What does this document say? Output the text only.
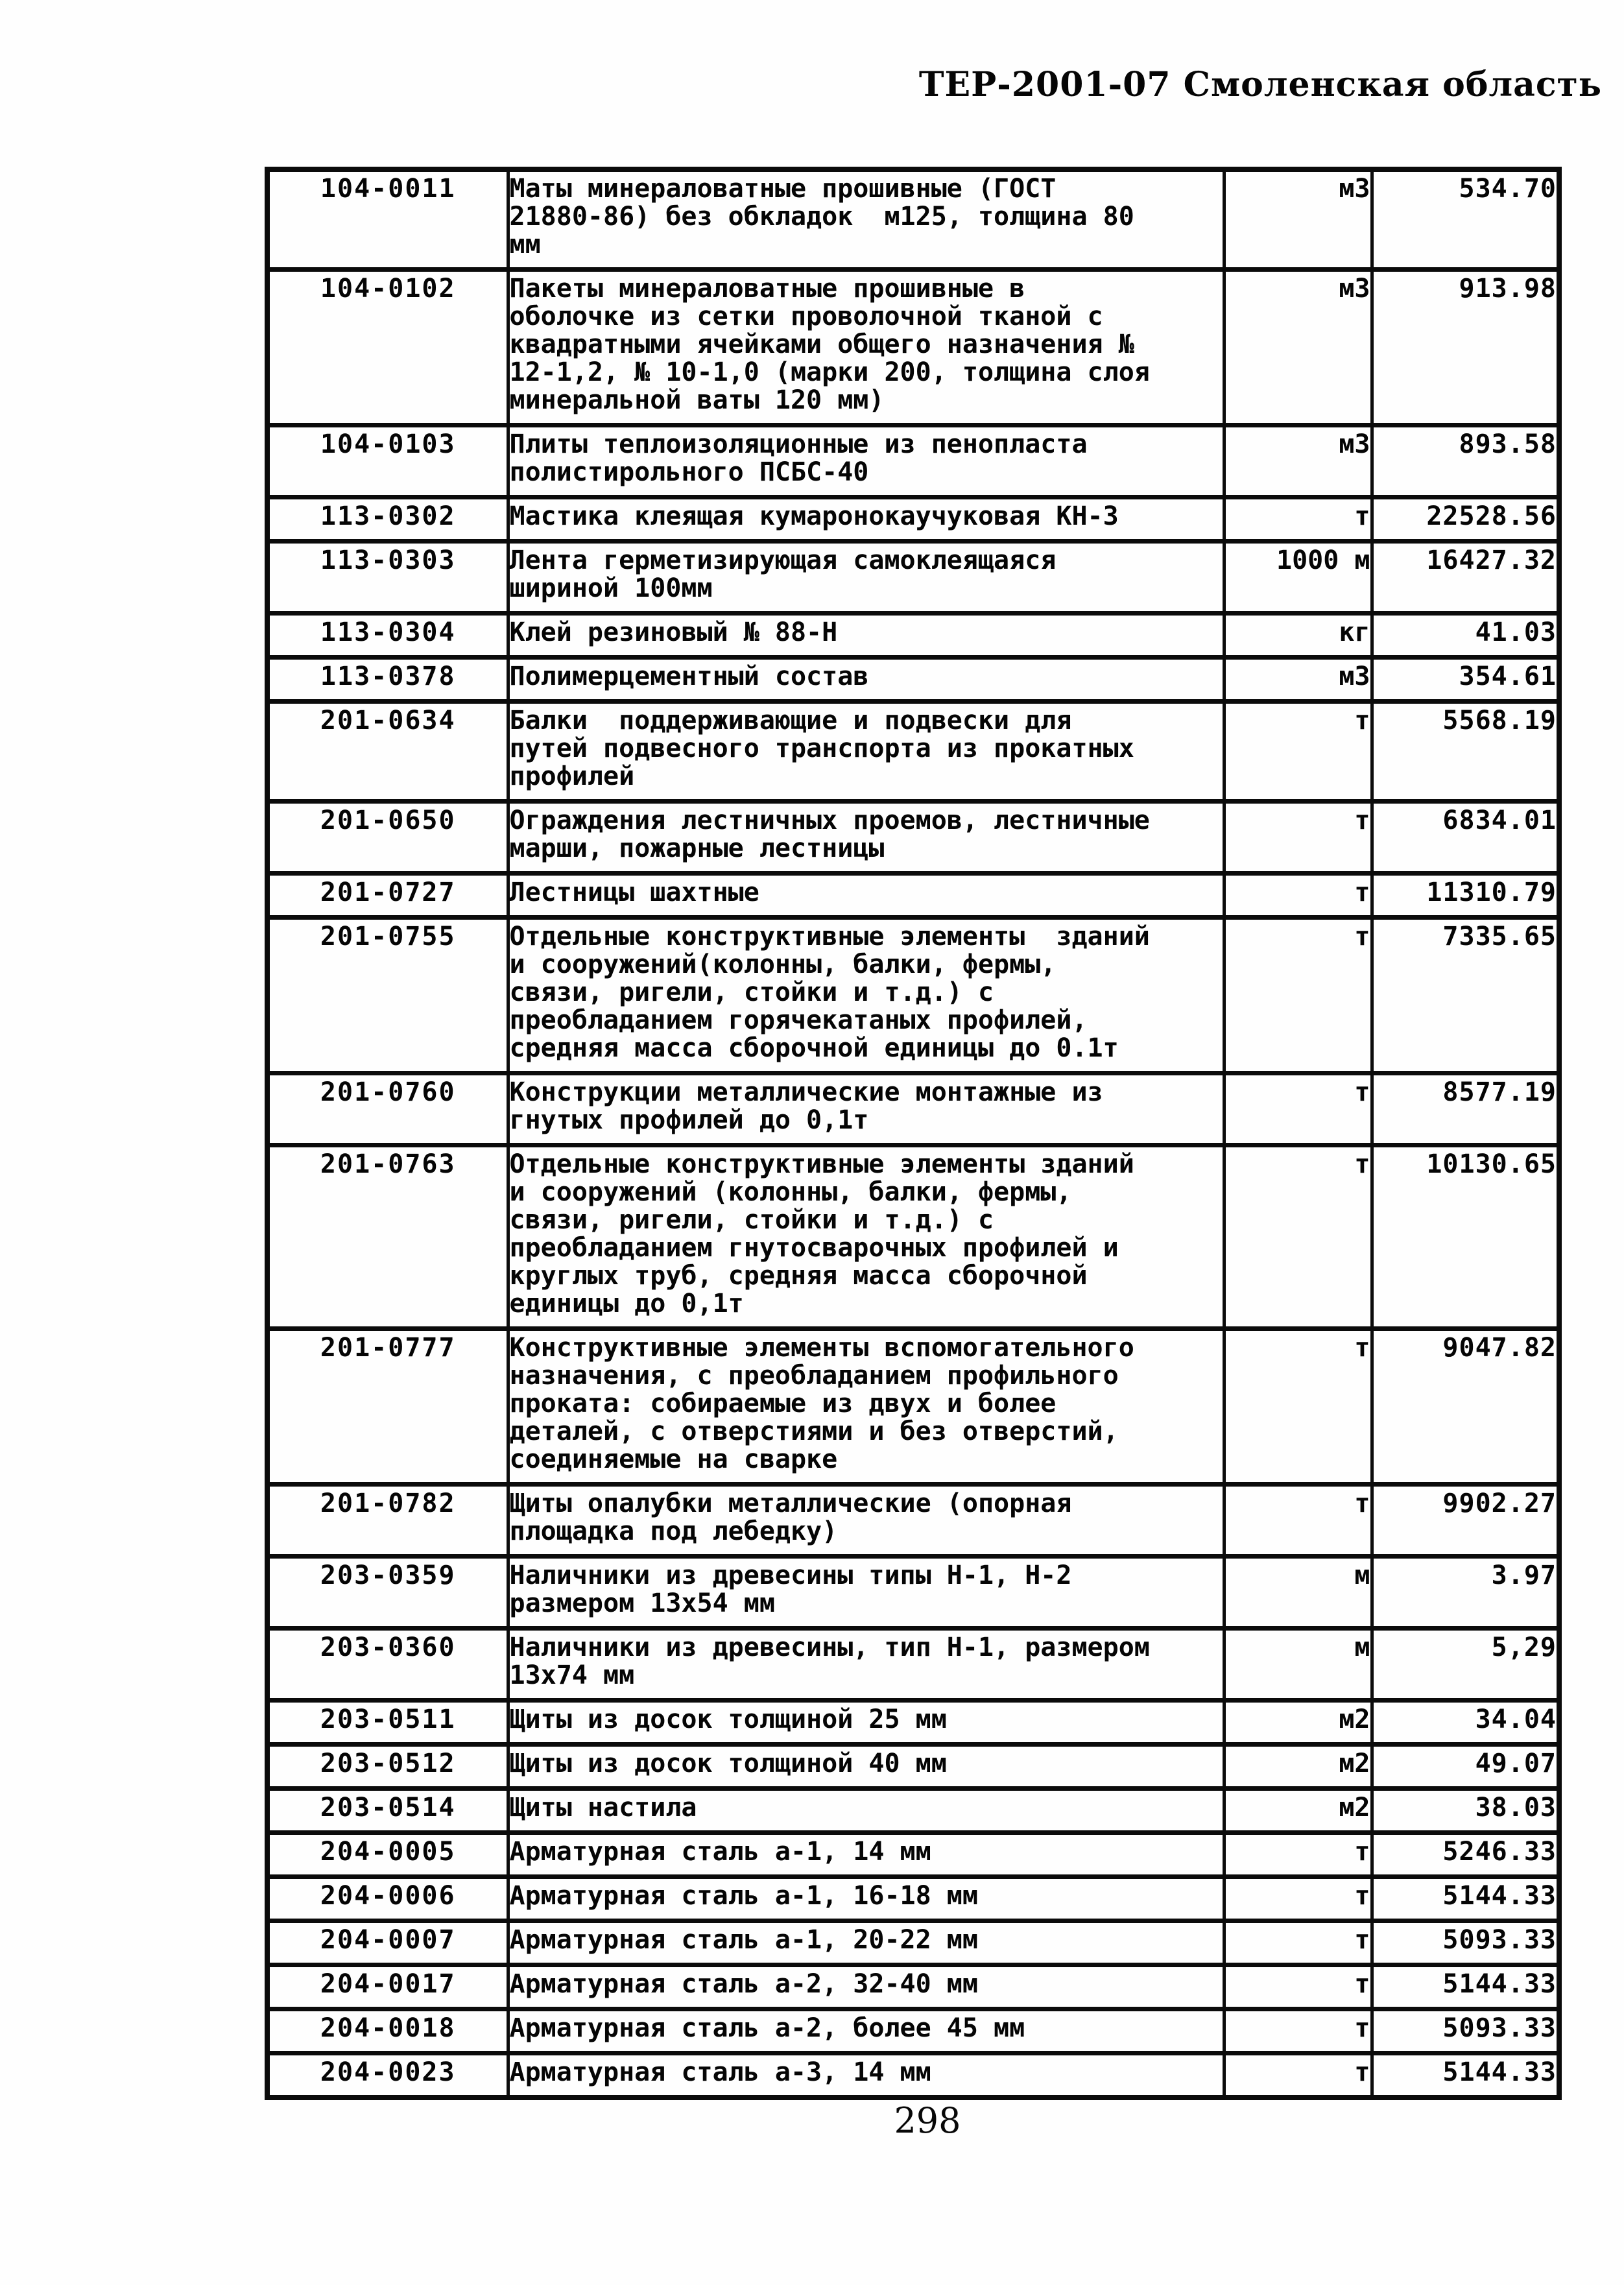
ТЕР-2001-07 Смоленская область
104-0011	Маты минераловатные прошивные (ГОСТ 21880-86) без обкладок  м125, толщина 80 мм	м3	534.70
104-0102	Пакеты минераловатные прошивные в оболочке из сетки проволочной тканой с квадратными ячейками общего назначения № 12-1,2, № 10-1,0 (марки 200, толщина слоя минеральной ваты 120 мм)	м3	913.98
104-0103	Плиты теплоизоляционные из пенопласта полистирольного ПСБС-40	м3	893.58
113-0302	Мастика клеящая кумаронокаучуковая КН-3	т	22528.56
113-0303	Лента герметизирующая самоклеящаяся шириной 100мм	1000 м	16427.32
113-0304	Клей резиновый № 88-Н	кг	41.03
113-0378	Полимерцементный состав	м3	354.61
201-0634	Балки  поддерживающие и подвески для путей подвесного транспорта из прокатных профилей	т	5568.19
201-0650	Ограждения лестничных проемов, лестничные марши, пожарные лестницы	т	6834.01
201-0727	Лестницы шахтные	т	11310.79
201-0755	Отдельные конструктивные элементы  зданий и сооружений(колонны, балки, фермы, связи, ригели, стойки и т.д.) с преобладанием горячекатаных профилей, средняя масса сборочной единицы до 0.1т	т	7335.65
201-0760	Конструкции металлические монтажные из гнутых профилей до 0,1т	т	8577.19
201-0763	Отдельные конструктивные элементы зданий и сооружений (колонны, балки, фермы, связи, ригели, стойки и т.д.) с преобладанием гнутосварочных профилей и круглых труб, средняя масса сборочной единицы до 0,1т	т	10130.65
201-0777	Конструктивные элементы вспомогательного назначения, с преобладанием профильного проката: собираемые из двух и более деталей, с отверстиями и без отверстий, соединяемые на сварке	т	9047.82
201-0782	Щиты опалубки металлические (опорная площадка под лебедку)	т	9902.27
203-0359	Наличники из древесины типы Н-1, Н-2 размером 13х54 мм	м	3.97
203-0360	Наличники из древесины, тип Н-1, размером 13х74 мм	м	5,29
203-0511	Щиты из досок толщиной 25 мм	м2	34.04
203-0512	Щиты из досок толщиной 40 мм	м2	49.07
203-0514	Щиты настила	м2	38.03
204-0005	Арматурная сталь а-1, 14 мм	т	5246.33
204-0006	Арматурная сталь а-1, 16-18 мм	т	5144.33
204-0007	Арматурная сталь а-1, 20-22 мм	т	5093.33
204-0017	Арматурная сталь а-2, 32-40 мм	т	5144.33
204-0018	Арматурная сталь а-2, более 45 мм	т	5093.33
204-0023	Арматурная сталь а-3, 14 мм	т	5144.33
298
